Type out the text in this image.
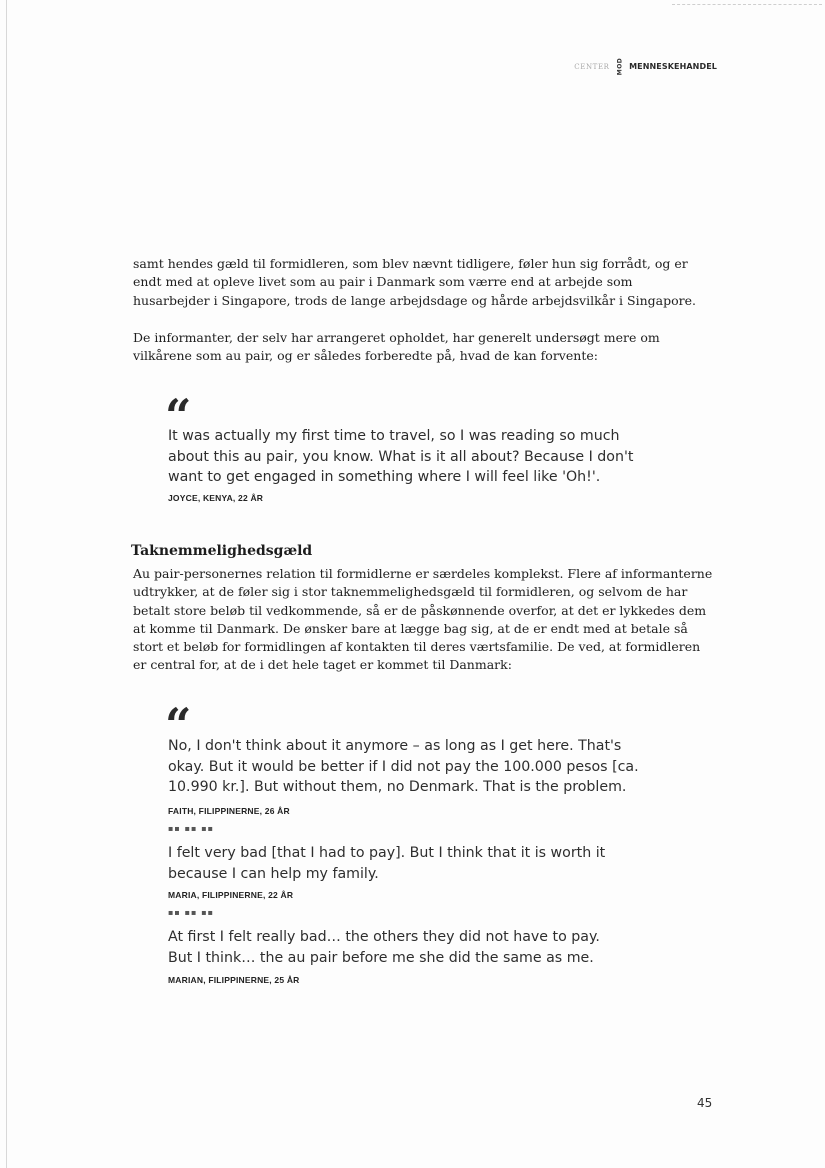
CENTER MOD MENNESKEHANDEL

samt hendes gæld til formidleren, som blev nævnt tidligere, føler hun sig forrådt, og er endt med at opleve livet som au pair i Danmark som værre end at arbejde som husarbejder i Singapore, trods de lange arbejdsdage og hårde arbejdsvilkår i Singapore.

De informanter, der selv har arrangeret opholdet, har generelt undersøgt mere om vilkårene som au pair, og er således forberedte på, hvad de kan forvente:

“

It was actually my first time to travel, so I was reading so much about this au pair, you know. What is it all about? Because I don't want to get engaged in something where I will feel like 'Oh!'.

JOYCE, KENYA, 22 ÅR
Taknemmelighedsgæld

Au pair-personernes relation til formidlerne er særdeles komplekst. Flere af informanterne udtrykker, at de føler sig i stor taknemmelighedsgæld til formidleren, og selvom de har betalt store beløb til vedkommende, så er de påskønnende overfor, at det er lykkedes dem at komme til Danmark. De ønsker bare at lægge bag sig, at de er endt med at betale så stort et beløb for formidlingen af kontakten til deres værtsfamilie. De ved, at formidleren er central for, at de i det hele taget er kommet til Danmark:

“

No, I don't think about it anymore – as long as I get here. That's okay. But it would be better if I did not pay the 100.000 pesos [ca. 10.990 kr.]. But without them, no Denmark. That is the problem.

FAITH, FILIPPINERNE, 26 ÅR
▪▪ ▪▪ ▪▪

I felt very bad [that I had to pay]. But I think that it is worth it because I can help my family.

MARIA, FILIPPINERNE, 22 ÅR
▪▪ ▪▪ ▪▪

At first I felt really bad… the others they did not have to pay. But I think… the au pair before me she did the same as me.

MARIAN, FILIPPINERNE, 25 ÅR
45
